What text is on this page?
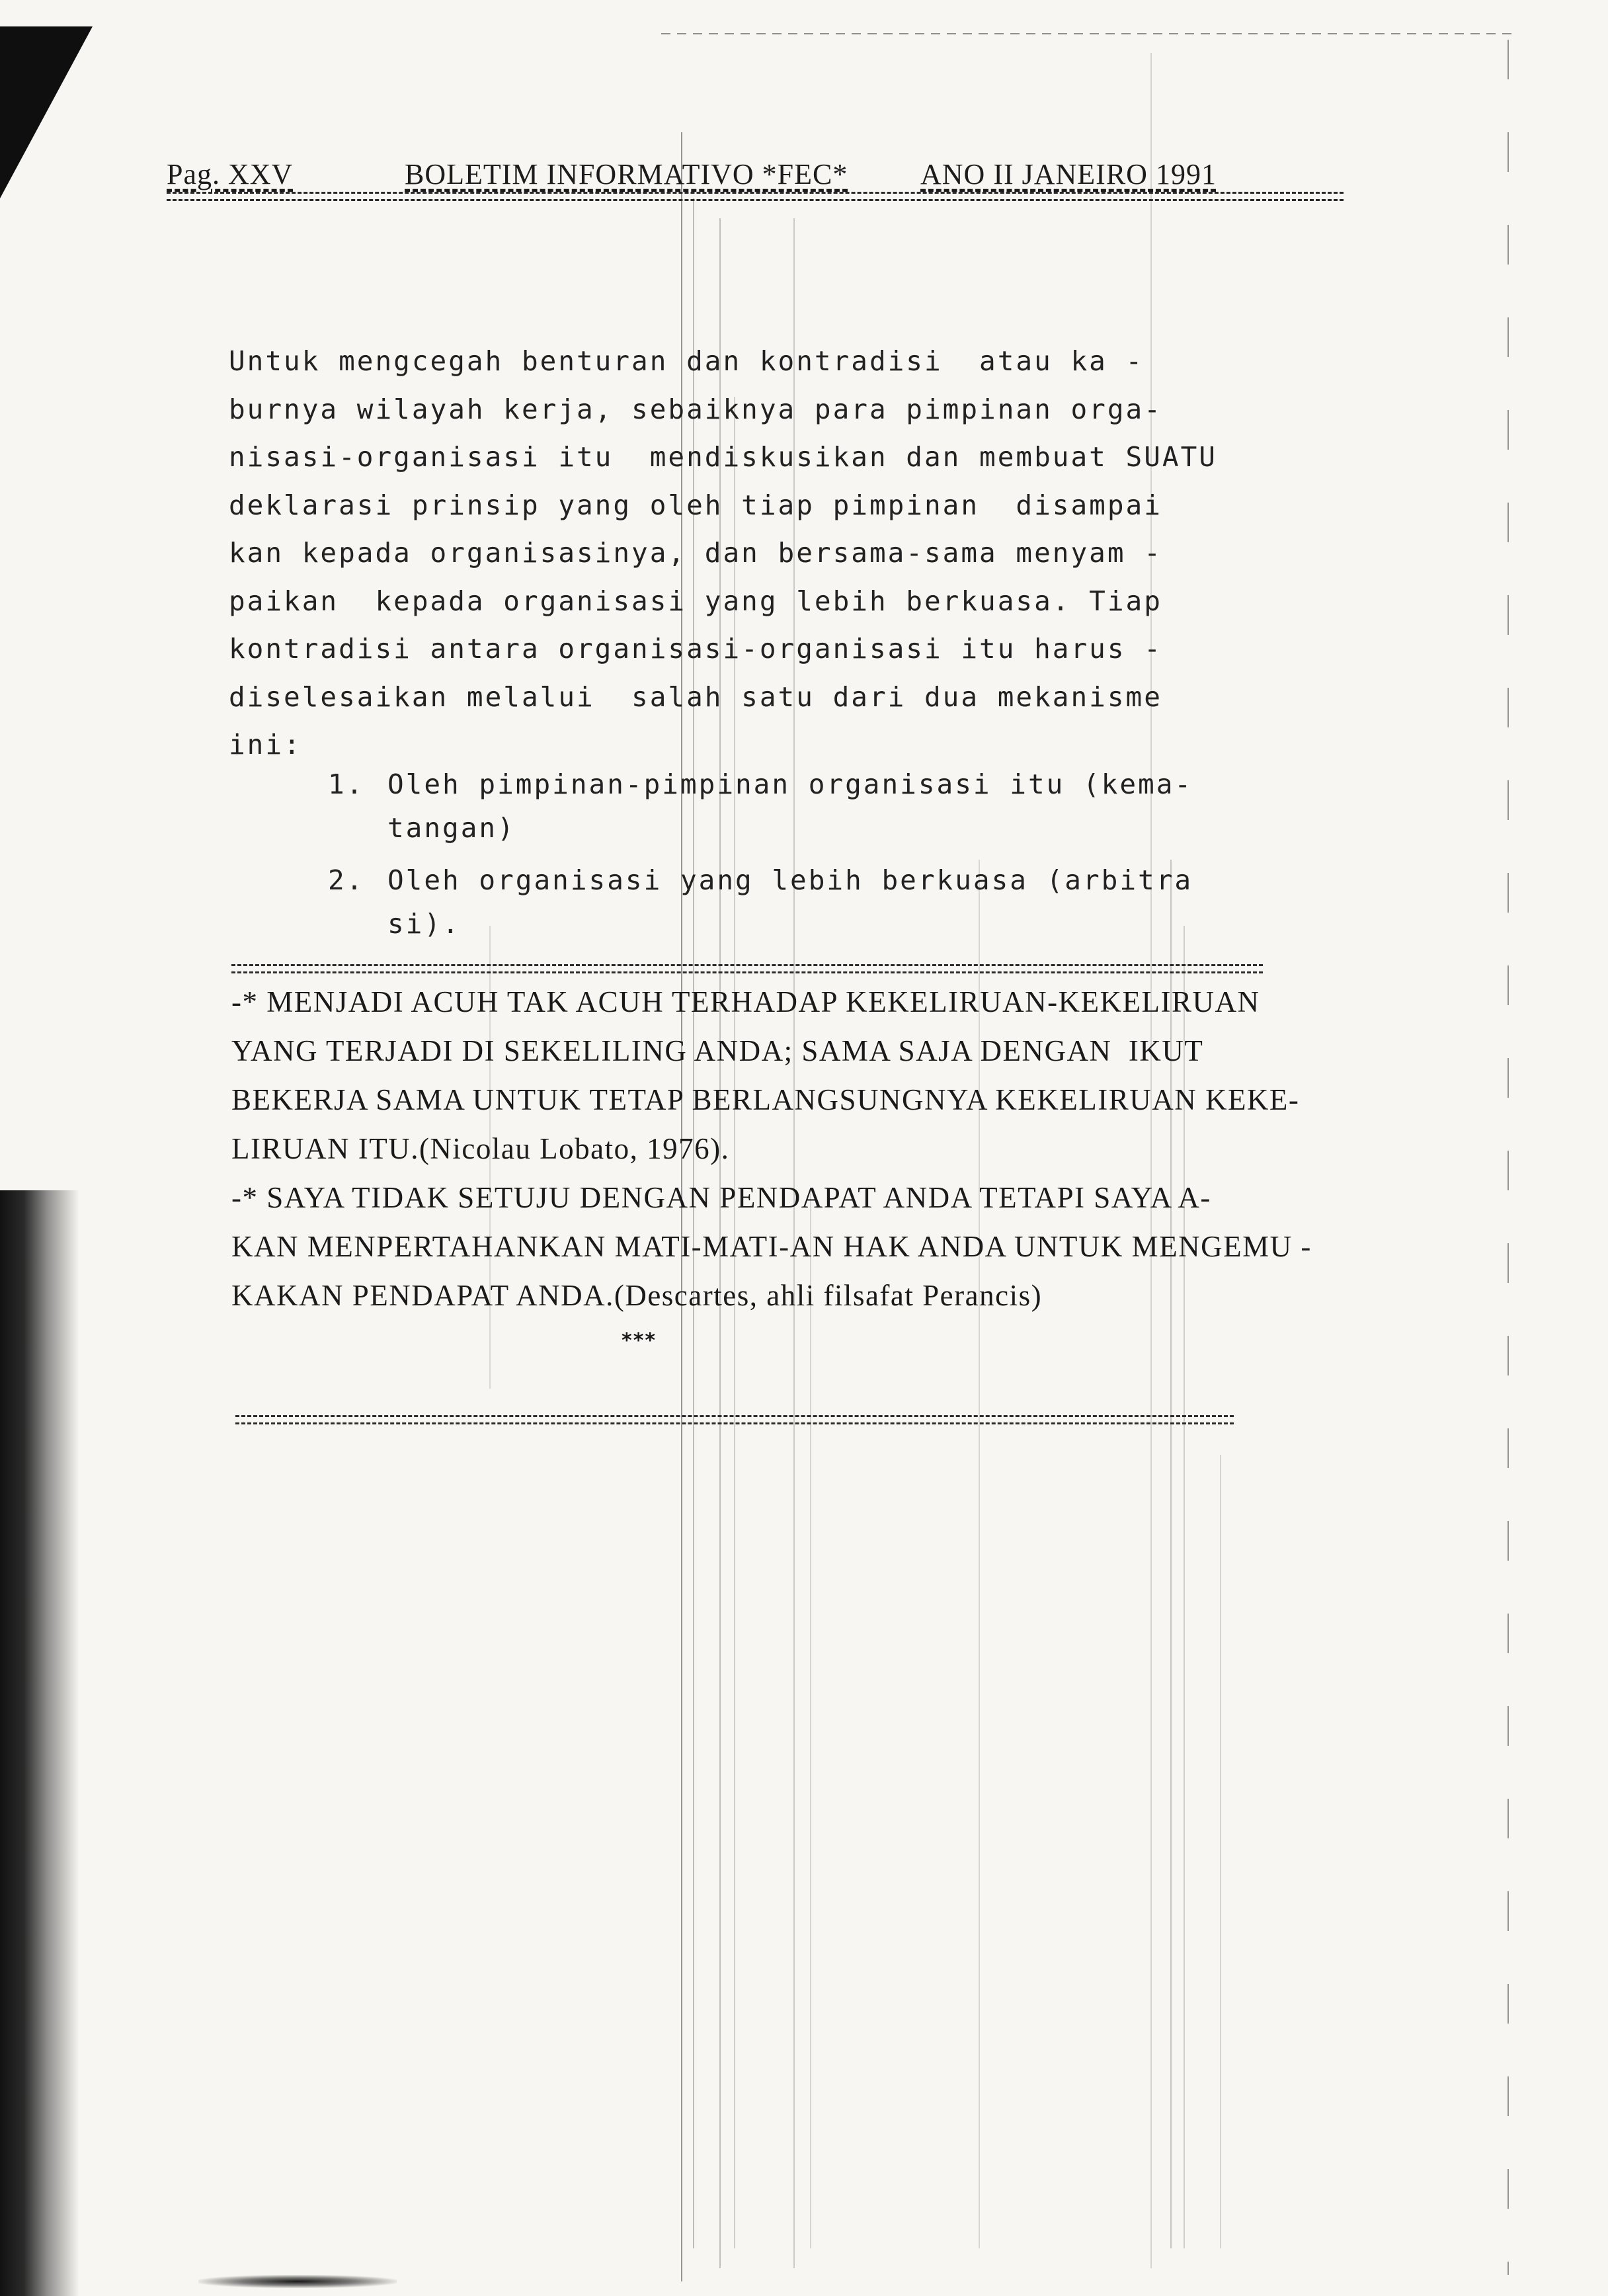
Pag. XXV	BOLETIM INFORMATIVO *FEC* ANO II JANEIRO 1991
Untuk mengcegah benturan dan kontradisi  atau ka -
burnya wilayah kerja, sebaiknya para pimpinan orga-
nisasi-organisasi itu  mendiskusikan dan membuat SUATU
deklarasi prinsip yang oleh tiap pimpinan  disampai
kan kepada organisasinya, dan bersama-sama menyam -
paikan  kepada organisasi yang lebih berkuasa. Tiap
kontradisi antara organisasi-organisasi itu harus -
diselesaikan melalui  salah satu dari dua mekanisme
ini:
1. Oleh pimpinan-pimpinan organisasi itu (kema-
tangan)
2. Oleh organisasi yang lebih berkuasa (arbitra
si).
-* MENJADI ACUH TAK ACUH TERHADAP KEKELIRUAN-KEKELIRUAN
YANG TERJADI DI SEKELILING ANDA; SAMA SAJA DENGAN  IKUT
BEKERJA SAMA UNTUK TETAP BERLANGSUNGNYA KEKELIRUAN KEKE-
LIRUAN ITU.(Nicolau Lobato, 1976).
-* SAYA TIDAK SETUJU DENGAN PENDAPAT ANDA TETAPI SAYA A-
KAN MENPERTAHANKAN MATI-MATI-AN HAK ANDA UNTUK MENGEMU -
KAKAN PENDAPAT ANDA.(Descartes, ahli filsafat Perancis)
***
